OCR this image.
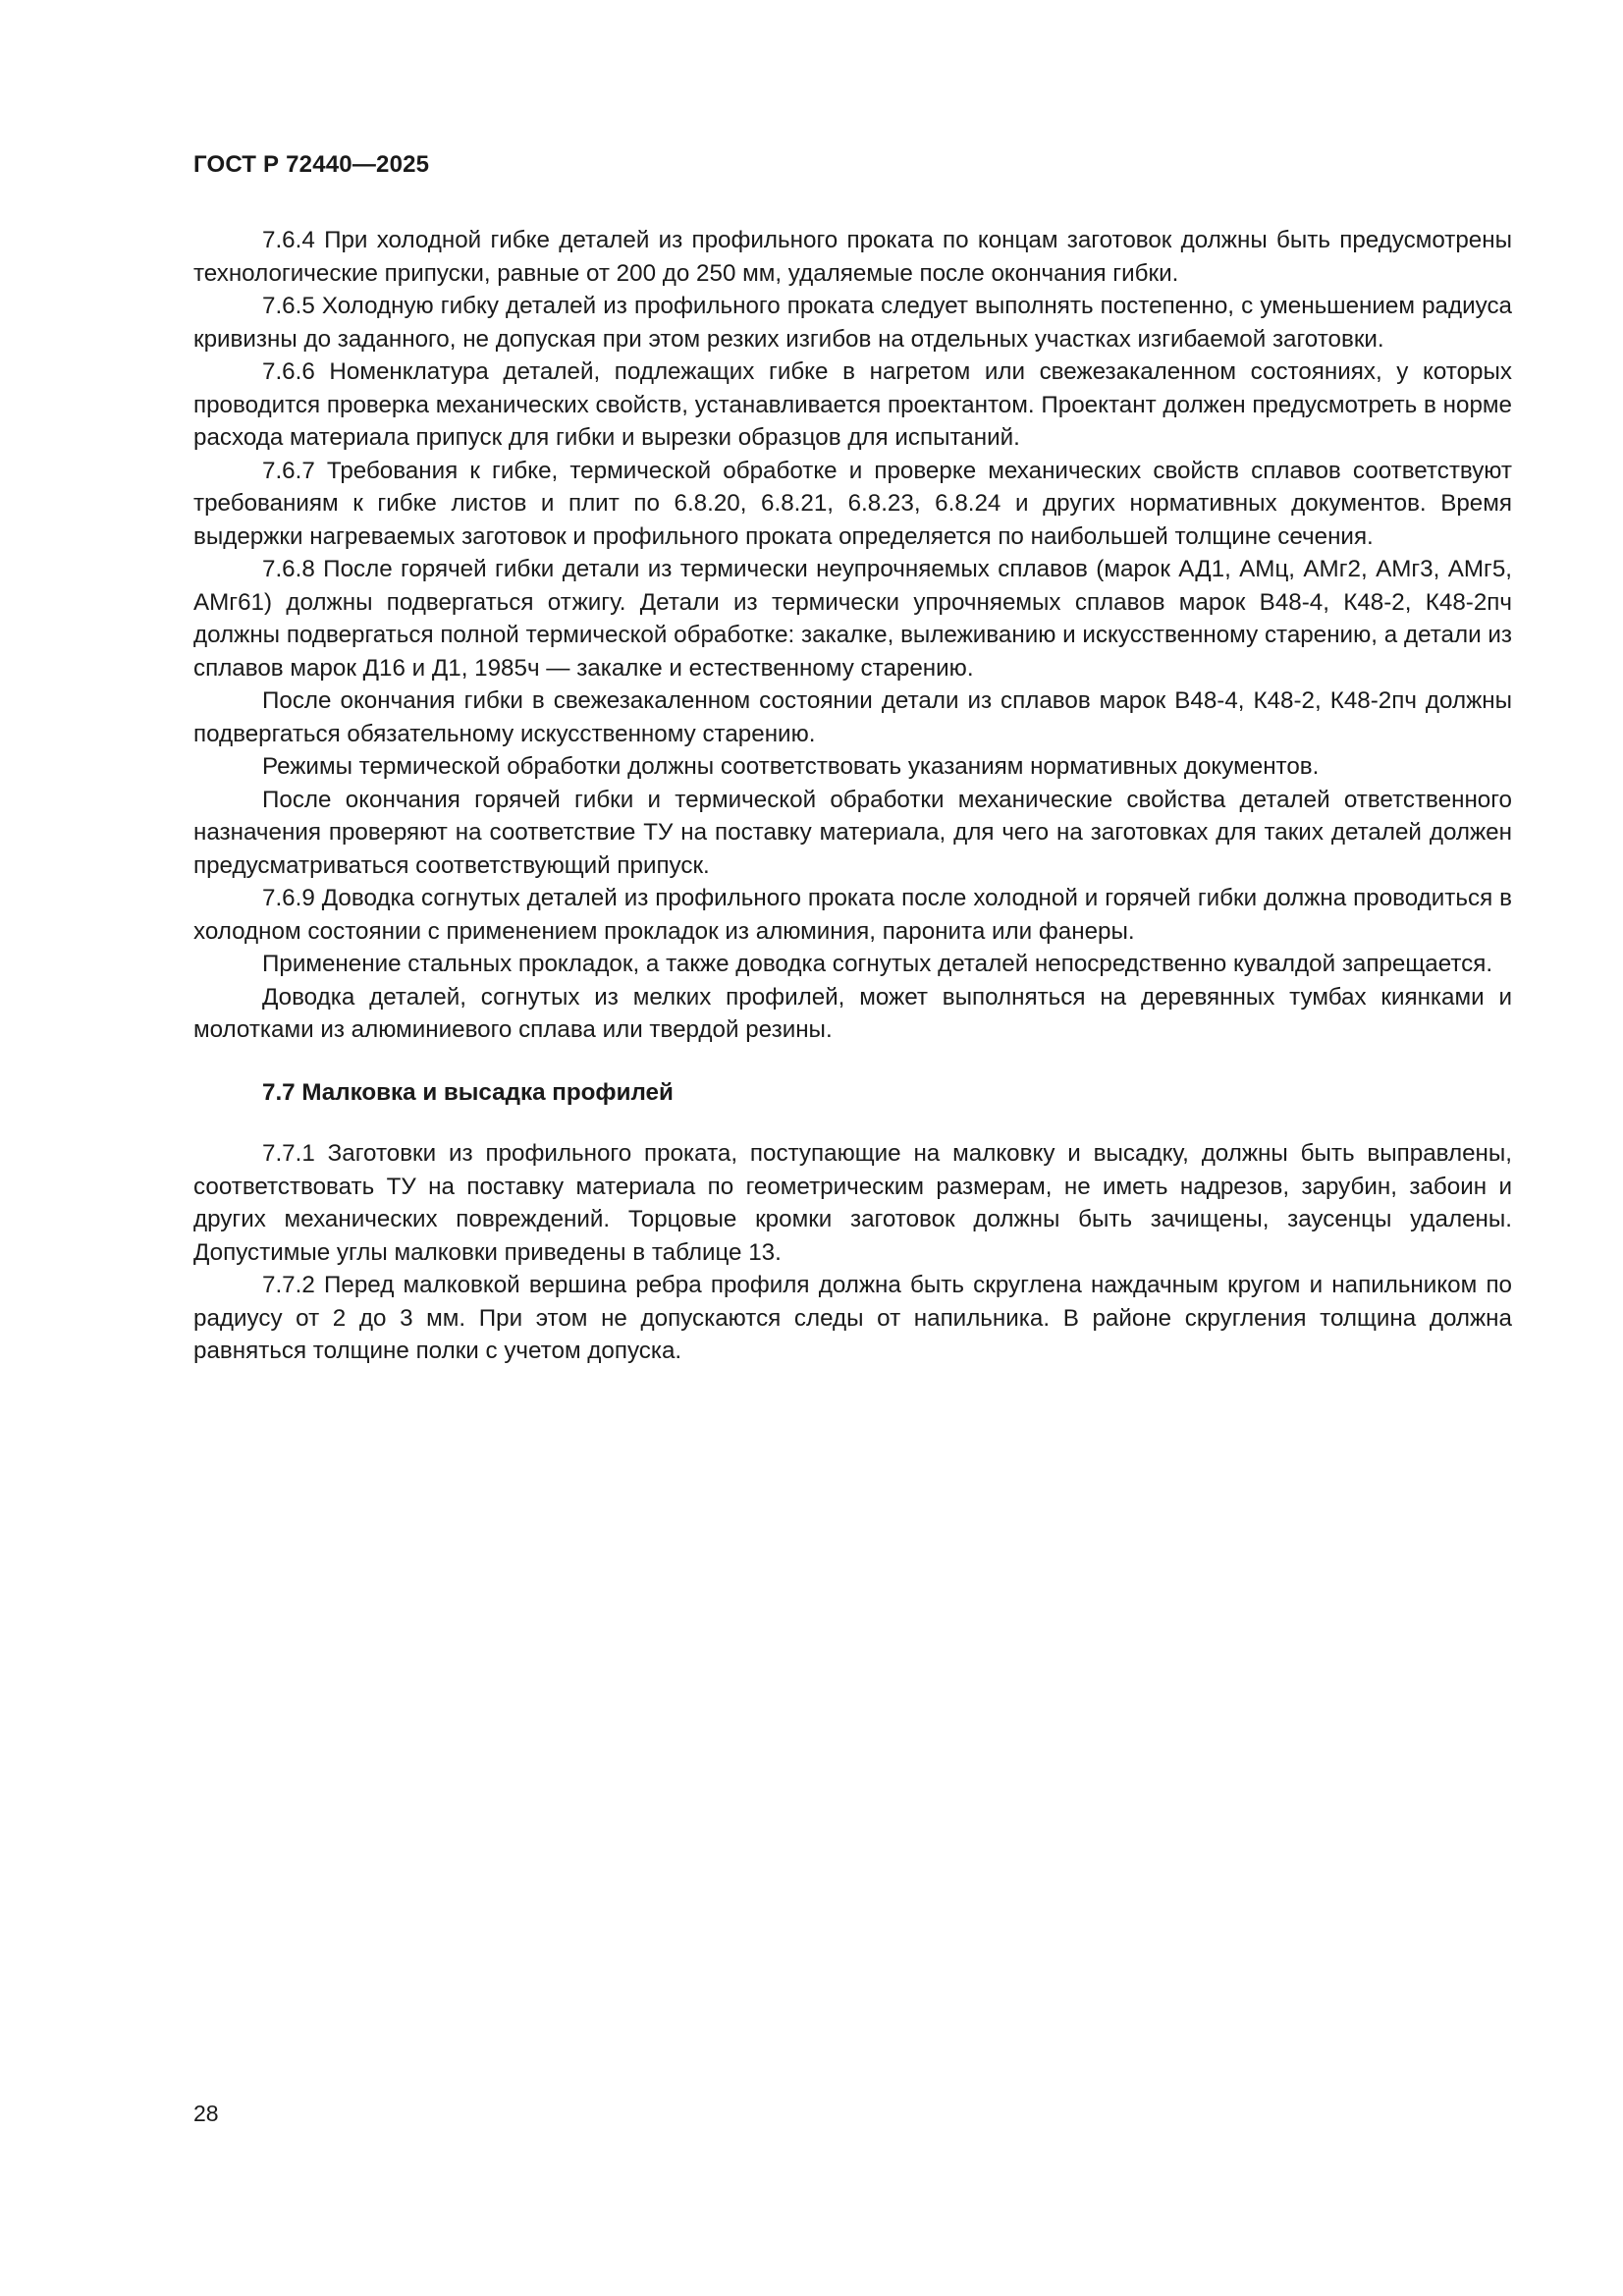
ГОСТ Р 72440—2025

7.6.4 При холодной гибке деталей из профильного проката по концам заготовок должны быть предусмотрены технологические припуски, равные от 200 до 250 мм, удаляемые после окончания гибки.

7.6.5 Холодную гибку деталей из профильного проката следует выполнять постепенно, с уменьшением радиуса кривизны до заданного, не допуская при этом резких изгибов на отдельных участках изгибаемой заготовки.

7.6.6 Номенклатура деталей, подлежащих гибке в нагретом или свежезакаленном состояниях, у которых проводится проверка механических свойств, устанавливается проектантом. Проектант должен предусмотреть в норме расхода материала припуск для гибки и вырезки образцов для испытаний.

7.6.7 Требования к гибке, термической обработке и проверке механических свойств сплавов соответствуют требованиям к гибке листов и плит по 6.8.20, 6.8.21, 6.8.23, 6.8.24 и других нормативных документов. Время выдержки нагреваемых заготовок и профильного проката определяется по наибольшей толщине сечения.

7.6.8 После горячей гибки детали из термически неупрочняемых сплавов (марок АД1, АМц, АМг2, АМг3, АМг5, АМг61) должны подвергаться отжигу. Детали из термически упрочняемых сплавов марок В48-4, К48-2, К48-2пч должны подвергаться полной термической обработке: закалке, вылеживанию и искусственному старению, а детали из сплавов марок Д16 и Д1, 1985ч — закалке и естественному старению.

После окончания гибки в свежезакаленном состоянии детали из сплавов марок В48-4, К48-2, К48-2пч должны подвергаться обязательному искусственному старению.

Режимы термической обработки должны соответствовать указаниям нормативных документов.

После окончания горячей гибки и термической обработки механические свойства деталей ответственного назначения проверяют на соответствие ТУ на поставку материала, для чего на заготовках для таких деталей должен предусматриваться соответствующий припуск.

7.6.9 Доводка согнутых деталей из профильного проката после холодной и горячей гибки должна проводиться в холодном состоянии с применением прокладок из алюминия, паронита или фанеры.

Применение стальных прокладок, а также доводка согнутых деталей непосредственно кувалдой запрещается.

Доводка деталей, согнутых из мелких профилей, может выполняться на деревянных тумбах киянками и молотками из алюминиевого сплава или твердой резины.

7.7 Малковка и высадка профилей

7.7.1 Заготовки из профильного проката, поступающие на малковку и высадку, должны быть выправлены, соответствовать ТУ на поставку материала по геометрическим размерам, не иметь надрезов, зарубин, забоин и других механических повреждений. Торцовые кромки заготовок должны быть зачищены, заусенцы удалены. Допустимые углы малковки приведены в таблице 13.

7.7.2 Перед малковкой вершина ребра профиля должна быть скруглена наждачным кругом и напильником по радиусу от 2 до 3 мм. При этом не допускаются следы от напильника. В районе скругления толщина должна равняться толщине полки с учетом допуска.

28
